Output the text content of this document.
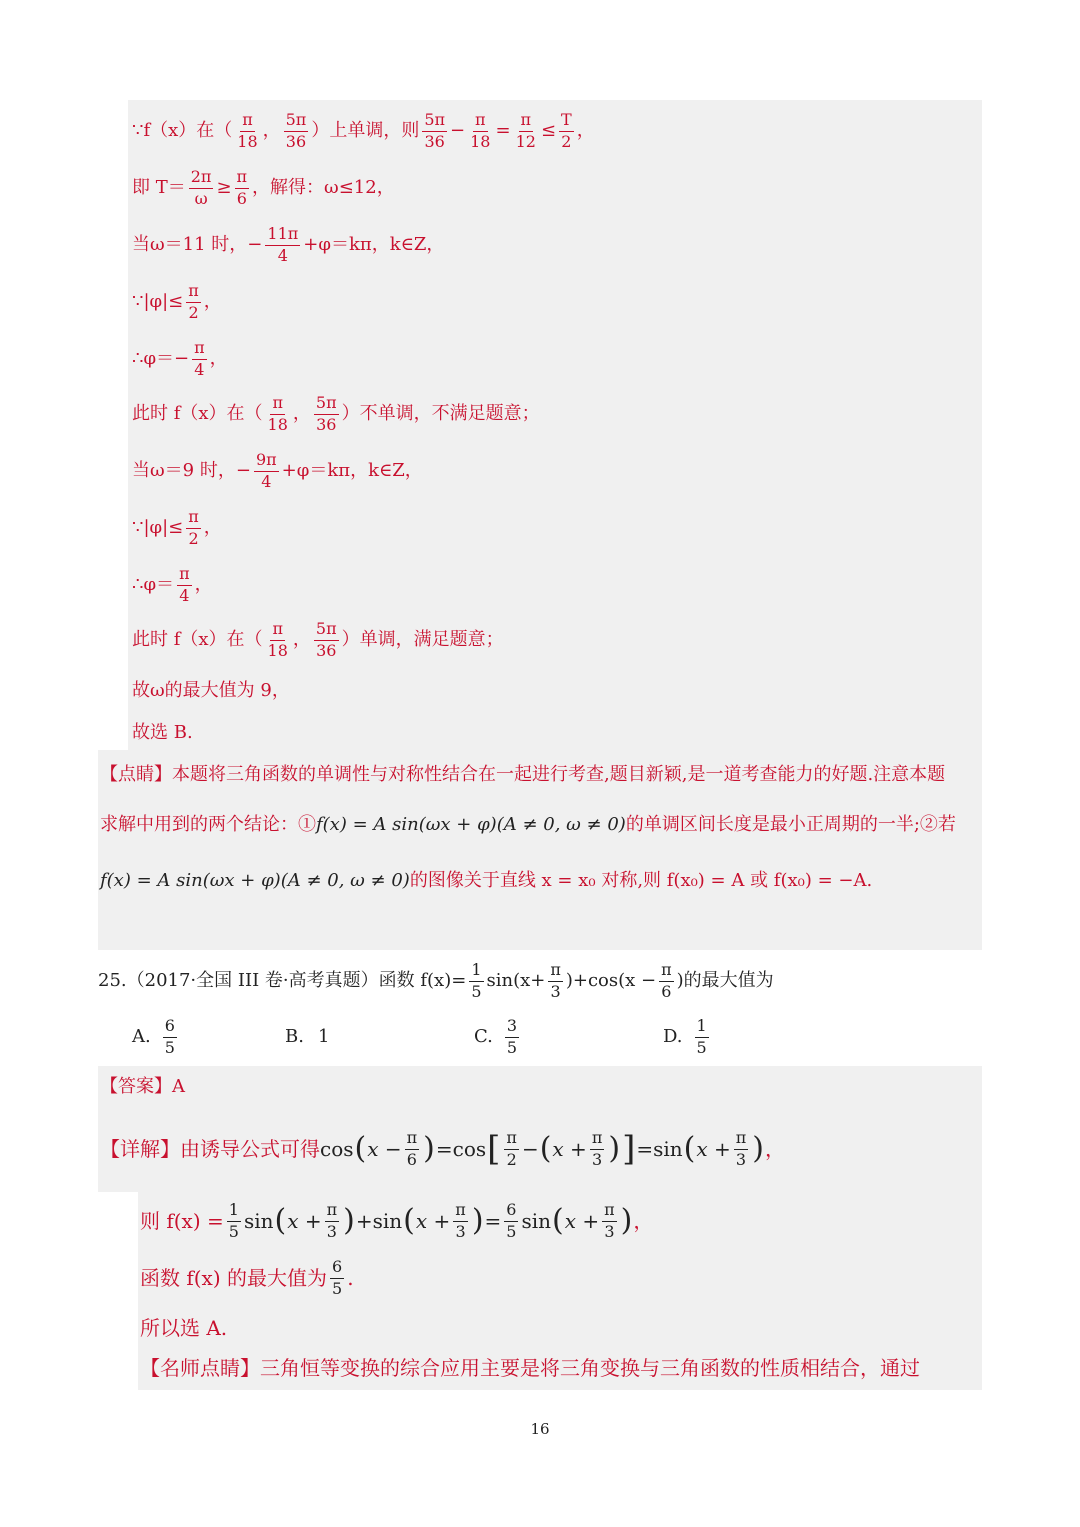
∵f（x）在（ $\frac{\pi}{18}$ ， $\frac{5\pi}{36}$ ）上单调，则 $\frac{5\pi}{36} - \frac{\pi}{18} = \frac{\pi}{12} \le \frac{T}{2}$ ，
即 $T= \frac{2\pi}{\omega} \ge \frac{\pi}{6}$ ，解得：ω≤12，
当ω＝11 时，− $\frac{11\pi}{4} +\varphi=k\pi$，k∈Z，
∵|φ|≤ $\frac{\pi}{2}$ ，
∴φ＝− $\frac{\pi}{4}$ ，
此时 f（x）在（ $\frac{\pi}{18}$ ， $\frac{5\pi}{36}$ ）不单调，不满足题意；
当ω＝9 时，− $\frac{9\pi}{4} +\varphi=k\pi$，k∈Z，
∵|φ|≤ $\frac{\pi}{2}$ ，
∴φ＝ $\frac{\pi}{4}$ ，
此时 f（x）在（ $\frac{\pi}{18}$ ， $\frac{5\pi}{36}$ ）单调，满足题意；
故ω的最大值为 9，
故选 B.
【点睛】 本题将三角函数的单调性与对称性结合在一起进行考查,题目新颖,是一道考查能力的好题.注意本题
求解中用到的两个结论：① f(x) = A sin(ωx + φ)(A ≠ 0, ω ≠ 0) 的单调区间长度是最小正周期的一半;②若
f(x) = A sin(ωx + φ)(A ≠ 0, ω ≠ 0) 的图像关于直线 x = x₀ 对称,则 f(x₀) = A 或 f(x₀) = −A.
25.（2017·全国 III 卷·高考真题）函数 $f(x)= \frac{1}{5} \sin(x+ \frac{\pi}{3} )+\cos(x - \frac{\pi}{6}$ )的最大值为
A. $\frac{6}{5}$	B. 1	C. $\frac{3}{5}$	D. $\frac{1}{5}$
【答案】 A
【详解】 由诱导公式可得 cos ( $x - \frac{\pi}{6}$ ) = cos [ $\frac{\pi}{2}$ − ( $x + \frac{\pi}{3}$ ) ] = sin ( $x + \frac{\pi}{3}$ ) ，
则 $f(x) = \frac{1}{5}$ sin ( $x + \frac{\pi}{3}$ ) + sin ( $x + \frac{\pi}{3}$ ) = $\frac{6}{5}$ sin ( $x + \frac{\pi}{3}$ ) ，
函数 f(x) 的最大值为 $\frac{6}{5}$ .
所以选 A.
【名师点睛】 三角恒等变换的综合应用主要是将三角变换与三角函数的性质相结合，通过
16
